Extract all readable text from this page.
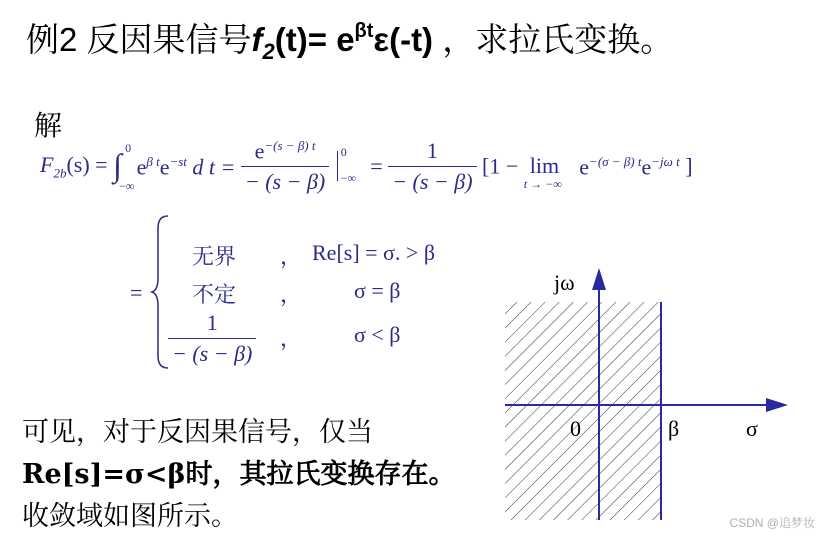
例2 反因果信号$f_2(t)= e^{\beta t}\varepsilon(-t)$ ，求拉氏变换。
解
$F_{2b}(s)$ = ∫ 0
−∞
$e^{\beta t}e^{-st}$ d $t = \frac{e^{-(s - \beta) t}}{- (s - \beta)}$
0
−∞ = $\frac{1}{- (s - \beta)} [1 - \lim$
t → −∞
$e^{-(\sigma - \beta) t}e^{-j\omega t}$ ]
=
无界 ， Re[s] = σ. > β
不定 ， σ = β
$\frac{1}{- (s - \beta)}$ ， σ < β
可见，对于反因果信号，仅当
Re[s]=σ<β时，其拉氏变换存在。
收敛域如图所示。
jω
0	β	σ
CSDN @追梦妆
